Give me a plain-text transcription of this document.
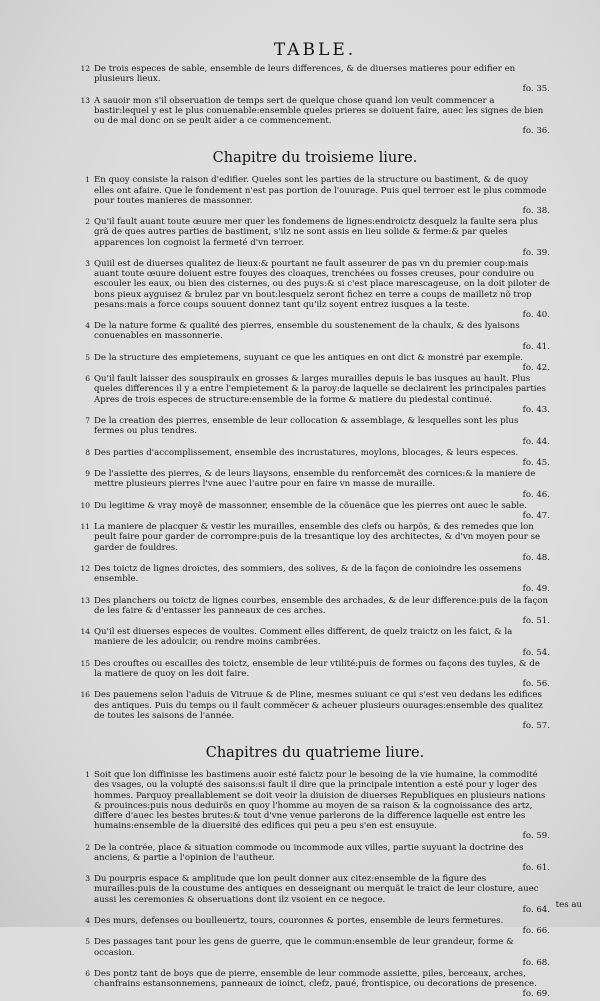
TABLE.
12 De trois especes de sable, ensemble de leurs differences, & de diuerses matieres pour edifier en plusieurs lieux.
fo. 35.
13 A sauoir mon s'il obseruation de temps sert de quelque chose quand lon veult commencer a bastir:lequel y est le plus conuenable:ensemble queles prieres se doiuent faire, auec les signes de bien ou de mal donc on se peult aider a ce commencement.
fo. 36.
Chapitre du troisieme liure.
1 En quoy consiste la raison d'edifier. Queles sont les parties de la structure ou bastiment, & de quoy elles ont afaire. Que le fondement n'est pas portion de l'ouurage. Puis quel terroer est le plus commode pour toutes manieres de massonner.
fo. 38.
2 Qu'il fault auant toute œuure mer quer les fondemens de lignes:endroictz desquelz la faulte sera plus grã de ques autres parties de bastiment, s'ilz ne sont assis en lieu solide & ferme:& par queles apparences lon cognoist la fermeté d'vn terroer.
fo. 39.
3 Quiil est de diuerses qualitez de lieux:& pourtant ne fault asseurer de pas vn du premier coup:mais auant toute œuure doiuent estre fouyes des cloaques, trenchées ou fosses creuses, pour conduire ou escouler les eaux, ou bien des cisternes, ou des puys:& si c'est place marescageuse, on la doit piloter de bons pieux ayguisez & brulez par vn bout:lesquelz seront fichez en terre a coups de mailletz nõ trop pesans:mais a force coups souuent donnez tant qu'ilz soyent entrez iusques a la teste.
fo. 40.
4 De la nature forme & qualité des pierres, ensemble du soustenement de la chaulx, & des lyaisons conuenables en massonnerie.
fo. 41.
5 De la structure des empietemens, suyuant ce que les antiques en ont dict & monstré par exemple.
fo. 42.
6 Qu'il fault laisser des souspiraulx en grosses & larges murailles depuis le bas iusques au hault. Plus queles differences il y a entre l'empietement & la paroy:de laquelle se declairent les principales parties Apres de trois especes de structure:ensemble de la forme & matiere du piedestal continué.
fo. 43.
7 De la creation des pierres, ensemble de leur collocation & assemblage, & lesquelles sont les plus fermes ou plus tendres.
fo. 44.
8 Des parties d'accomplissement, ensemble des incrustatures, moylons, blocages, & leurs especes.
fo. 45.
9 De l'assiette des pierres, & de leurs liaysons, ensemble du renforcemẽt des cornices:& la maniere de mettre plusieurs pierres l'vne auec l'autre pour en faire vn masse de muraille.
fo. 46.
10 Du legitime & vray moyẽ de massonner, ensemble de la cõuenãce que les pierres ont auec le sable.
fo. 47.
11 La maniere de placquer & vestir les murailles, ensemble des clefs ou harpõs, & des remedes que lon peult faire pour garder de corrompre:puis de la tresantique loy des architectes, & d'vn moyen pour se garder de fouldres.
fo. 48.
12 Des toictz de lignes droictes, des sommiers, des solives, & de la façon de conioindre les ossemens ensemble.
fo. 49.
13 Des planchers ou toictz de lignes courbes, ensemble des archades, & de leur difference:puis de la façon de les faire & d'entasser les panneaux de ces arches.
fo. 51.
14 Qu'il est diuerses especes de voultes. Comment elles different, de quelz traictz on les faict, & la maniere de les adoulcir, ou rendre moins cambrées.
fo. 54.
15 Des crouftes ou escailles des toictz, ensemble de leur vtilité:puis de formes ou façons des tuyles, & de la matiere de quoy on les doit faire.
fo. 56.
16 Des pauemens selon l'aduis de Vitruue & de Pline, mesmes suiuant ce qui s'est veu dedans les edifices des antiques. Puis du temps ou il fault commẽcer & acheuer plusieurs ouurages:ensemble des qualitez de toutes les saisons de l'année.
fo. 57.
Chapitres du quatrieme liure.
1 Soit que lon diffinisse les bastimens auoir esté faictz pour le besoing de la vie humaine, la commodité des vsages, ou la volupté des saisons:si fault il dire que la principale intention a esté pour y loger des hommes. Parquoy preallablement se doit veoir la diuision de diuerses Republiques en plusieurs nations & prouinces:puis nous deduirõs en quoy l'homme au moyen de sa raison & la cognoissance des artz, differe d'auec les bestes brutes:& tout d'vne venue parlerons de la difference laquelle est entre les humains:ensemble de la diuersité des edifices qui peu a peu s'en est ensuyuie.
fo. 59.
2 De la contrée, place & situation commode ou incommode aux villes, partie suyuant la doctrine des anciens, & partie a l'opinion de l'autheur.
fo. 61.
3 Du pourpris espace & amplitude que lon peult donner aux citez:ensemble de la figure des murailles:puis de la coustume des antiques en desseignant ou merquãt le traict de leur closture, auec aussi les ceremonies & obseruations dont ilz vsoient en ce negoce.
fo. 64.
4 Des murs, defenses ou boulleuertz, tours, couronnes & portes, ensemble de leurs fermetures.
fo. 66.
5 Des passages tant pour les gens de guerre, que le commun:ensemble de leur grandeur, forme & occasion.
fo. 68.
6 Des pontz tant de boys que de pierre, ensemble de leur commode assiette, piles, berceaux, arches, chanfrains estansonnemens, panneaux de ioinct, clefz, paué, frontispice, ou decorations de presence.
fo. 69.
tes au
